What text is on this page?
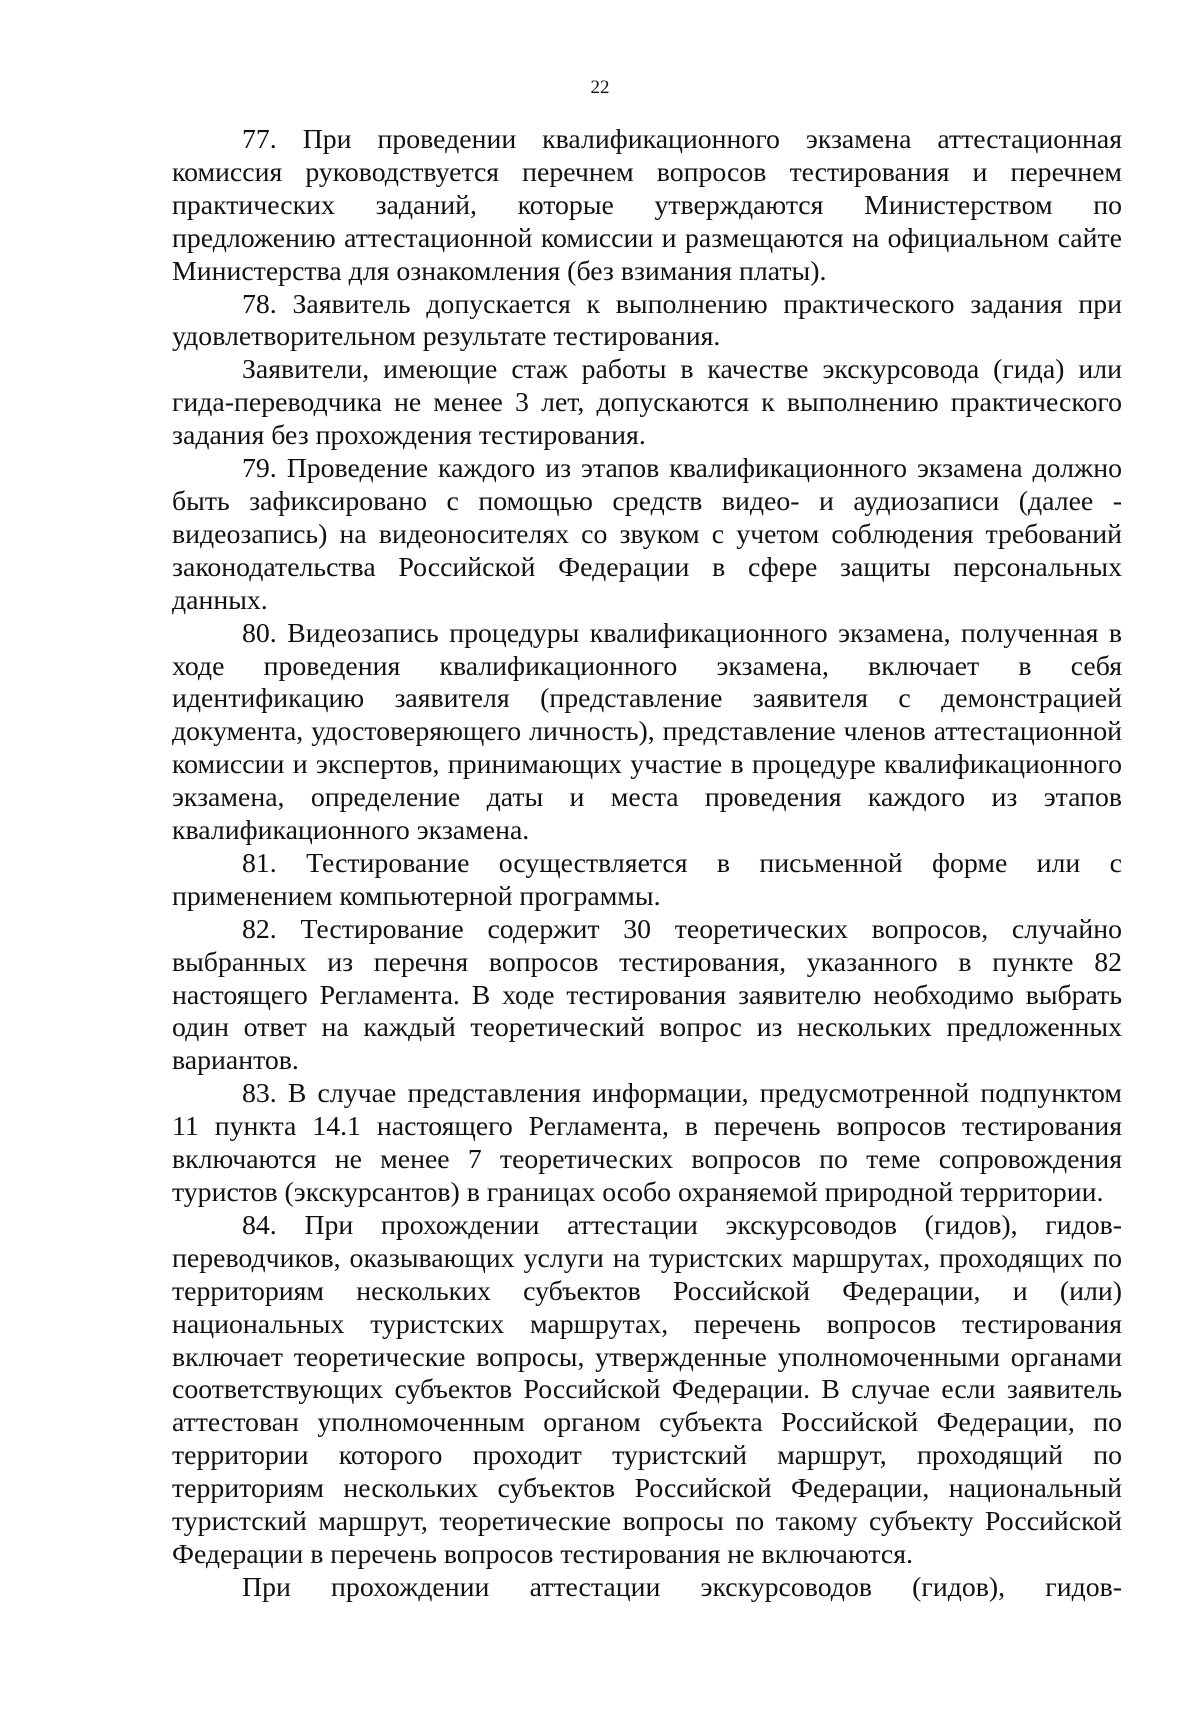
22

77. При проведении квалификационного экзамена аттестационная комиссия руководствуется перечнем вопросов тестирования и перечнем практических заданий, которые утверждаются Министерством по предложению аттестационной комиссии и размещаются на официальном сайте Министерства для ознакомления (без взимания платы).

78. Заявитель допускается к выполнению практического задания при удовлетворительном результате тестирования.

Заявители, имеющие стаж работы в качестве экскурсовода (гида) или гида-переводчика не менее 3 лет, допускаются к выполнению практического задания без прохождения тестирования.

79. Проведение каждого из этапов квалификационного экзамена должно быть зафиксировано с помощью средств видео- и аудиозаписи (далее - видеозапись) на видеоносителях со звуком с учетом соблюдения требований законодательства Российской Федерации в сфере защиты персональных данных.

80. Видеозапись процедуры квалификационного экзамена, полученная в ходе проведения квалификационного экзамена, включает в себя идентификацию заявителя (представление заявителя с демонстрацией документа, удостоверяющего личность), представление членов аттестационной комиссии и экспертов, принимающих участие в процедуре квалификационного экзамена, определение даты и места проведения каждого из этапов квалификационного экзамена.

81. Тестирование осуществляется в письменной форме или с применением компьютерной программы.

82. Тестирование содержит 30 теоретических вопросов, случайно выбранных из перечня вопросов тестирования, указанного в пункте 82 настоящего Регламента. В ходе тестирования заявителю необходимо выбрать один ответ на каждый теоретический вопрос из нескольких предложенных вариантов.

83. В случае представления информации, предусмотренной подпунктом 11 пункта 14.1 настоящего Регламента, в перечень вопросов тестирования включаются не менее 7 теоретических вопросов по теме сопровождения туристов (экскурсантов) в границах особо охраняемой природной территории.

84. При прохождении аттестации экскурсоводов (гидов), гидов-переводчиков, оказывающих услуги на туристских маршрутах, проходящих по территориям нескольких субъектов Российской Федерации, и (или) национальных туристских маршрутах, перечень вопросов тестирования включает теоретические вопросы, утвержденные уполномоченными органами соответствующих субъектов Российской Федерации. В случае если заявитель аттестован уполномоченным органом субъекта Российской Федерации, по территории которого проходит туристский маршрут, проходящий по территориям нескольких субъектов Российской Федерации, национальный туристский маршрут, теоретические вопросы по такому субъекту Российской Федерации в перечень вопросов тестирования не включаются.

При прохождении аттестации экскурсоводов (гидов), гидов-
